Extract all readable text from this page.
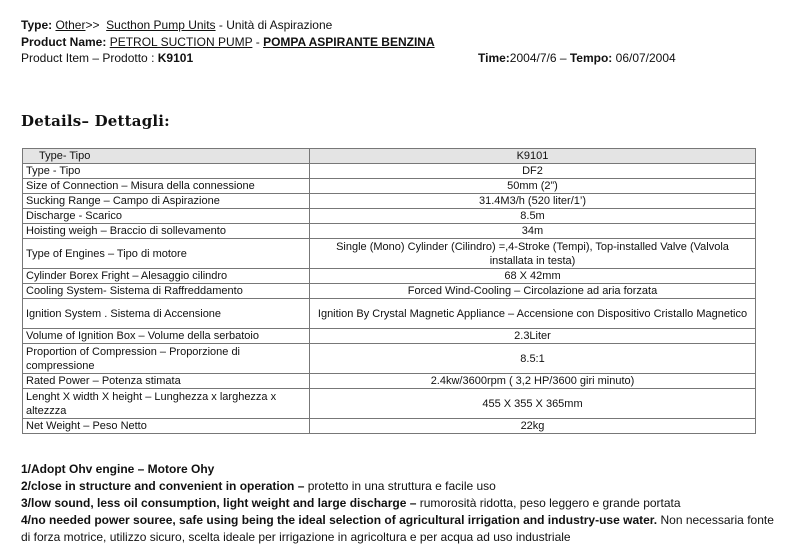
Type: Other>> Sucthon Pump Units - Unità di Aspirazione
Product Name: PETROL SUCTION PUMP - POMPA ASPIRANTE BENZINA
Product Item – Prodotto : K9101	Time:2004/7/6 – Tempo: 06/07/2004
Details– Dettagli:
Type- Tipo	K9101
Type - Tipo	DF2
Size of Connection – Misura della connessione	50mm (2”)
Sucking Range – Campo di Aspirazione	31.4M3/h (520 liter/1’)
Discharge - Scarico	8.5m
Hoisting weigh – Braccio di sollevamento	34m
Type of Engines – Tipo di motore	Single (Mono) Cylinder (Cilindro) =,4-Stroke (Tempi), Top-installed Valve (Valvola installata in testa)
Cylinder Borex Fright – Alesaggio cilindro	68 X 42mm
Cooling System- Sistema di Raffreddamento	Forced Wind-Cooling – Circolazione ad aria forzata
Ignition System . Sistema di Accensione	Ignition By Crystal Magnetic Appliance – Accensione con Dispositivo Cristallo Magnetico
Volume of Ignition Box – Volume della serbatoio	2.3Liter
Proportion of Compression – Proporzione di compressione	8.5:1
Rated Power – Potenza stimata	2.4kw/3600rpm ( 3,2 HP/3600 giri minuto)
Lenght X width X height – Lunghezza x larghezza x altezzza	455 X 355 X 365mm
Net Weight – Peso Netto	22kg

1/Adopt Ohv engine – Motore Ohy

2/close in structure and convenient in operation – protetto in una struttura e facile uso

3/low sound, less oil consumption, light weight and large discharge – rumorosità ridotta, peso leggero e grande portata

4/no needed power souree, safe using being the ideal selection of agricultural irrigation and industry-use water. Non necessaria fonte di forza motrice, utilizzo sicuro, scelta ideale per irrigazione in agricoltura e per acqua ad uso industriale
